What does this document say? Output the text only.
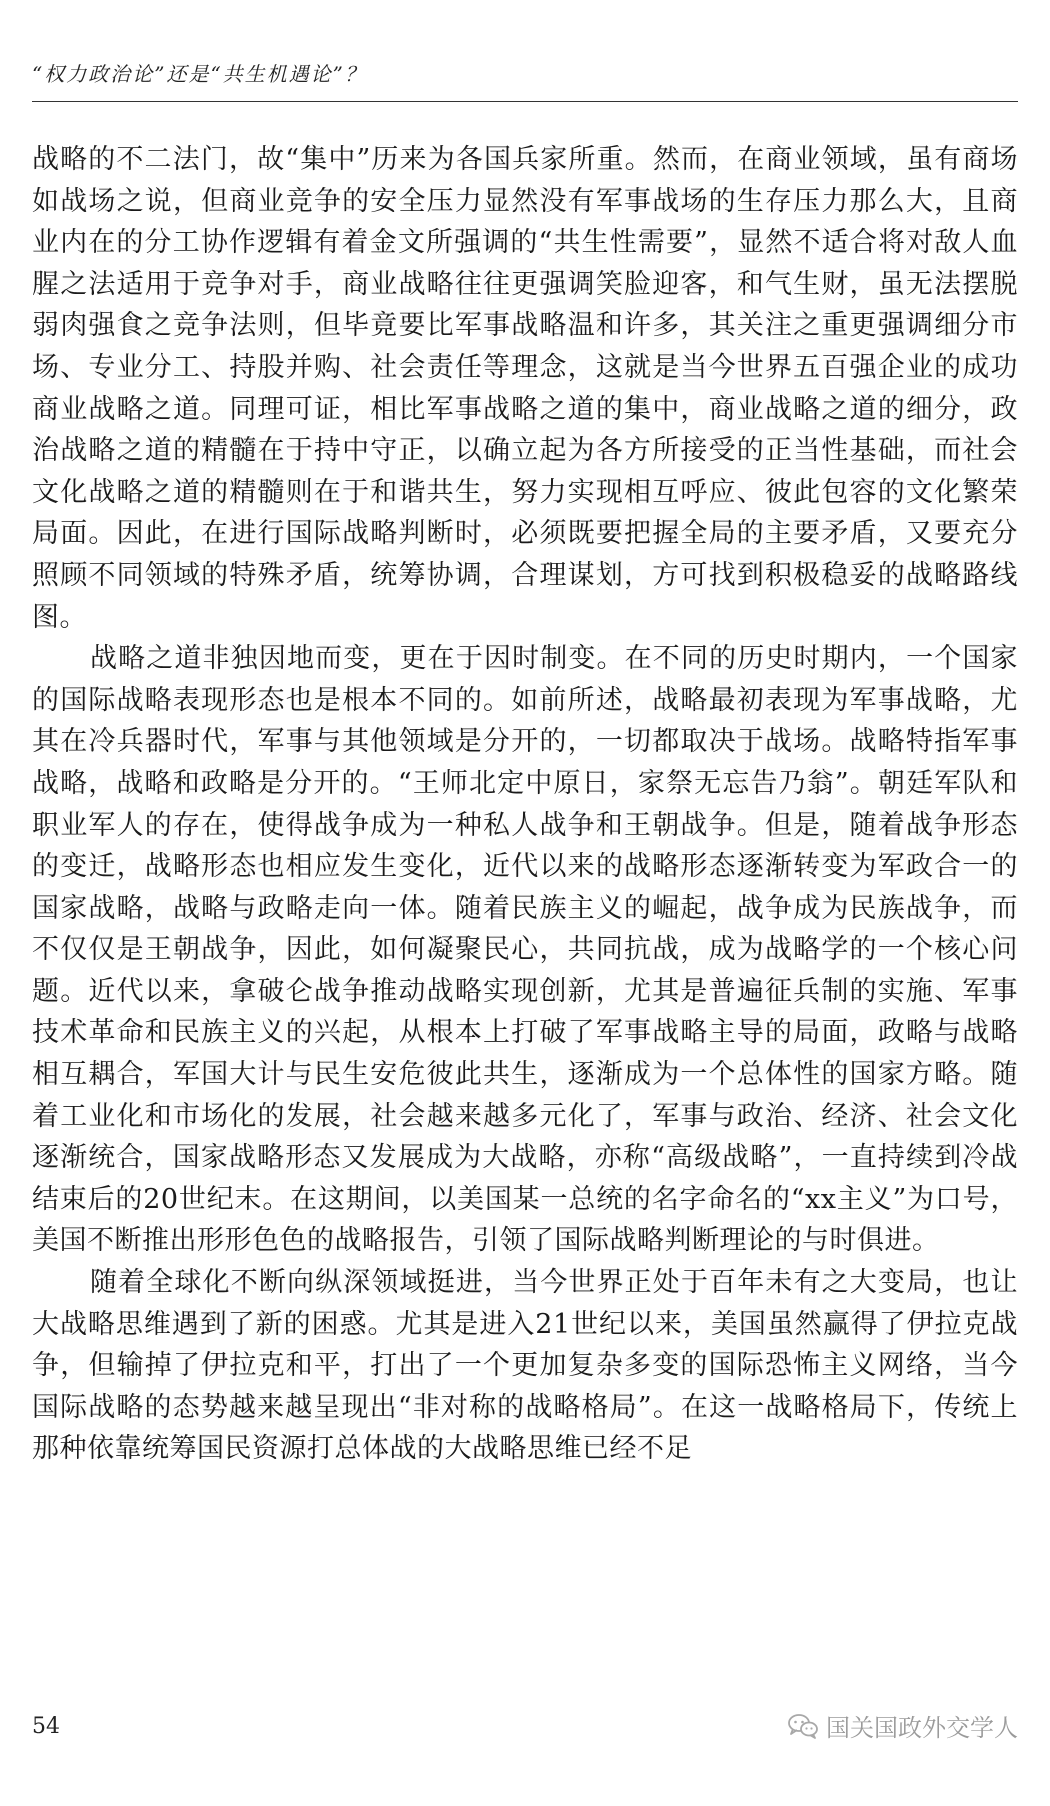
“权力政治论”还是“共生机遇论”？

战略的不二法门，故“集中”历来为各国兵家所重。然而，在商业领域，虽有商场如战场之说，但商业竞争的安全压力显然没有军事战场的生存压力那么大，且商业内在的分工协作逻辑有着金文所强调的“共生性需要”，显然不适合将对敌人血腥之法适用于竞争对手，商业战略往往更强调笑脸迎客，和气生财，虽无法摆脱弱肉强食之竞争法则，但毕竟要比军事战略温和许多，其关注之重更强调细分市场、专业分工、持股并购、社会责任等理念，这就是当今世界五百强企业的成功商业战略之道。同理可证，相比军事战略之道的集中，商业战略之道的细分，政治战略之道的精髓在于持中守正，以确立起为各方所接受的正当性基础，而社会文化战略之道的精髓则在于和谐共生，努力实现相互呼应、彼此包容的文化繁荣局面。因此，在进行国际战略判断时，必须既要把握全局的主要矛盾，又要充分照顾不同领域的特殊矛盾，统筹协调，合理谋划，方可找到积极稳妥的战略路线图。

战略之道非独因地而变，更在于因时制变。在不同的历史时期内，一个国家的国际战略表现形态也是根本不同的。如前所述，战略最初表现为军事战略，尤其在冷兵器时代，军事与其他领域是分开的，一切都取决于战场。战略特指军事战略，战略和政略是分开的。“王师北定中原日，家祭无忘告乃翁”。朝廷军队和职业军人的存在，使得战争成为一种私人战争和王朝战争。但是，随着战争形态的变迁，战略形态也相应发生变化，近代以来的战略形态逐渐转变为军政合一的国家战略，战略与政略走向一体。随着民族主义的崛起，战争成为民族战争，而不仅仅是王朝战争，因此，如何凝聚民心，共同抗战，成为战略学的一个核心问题。近代以来，拿破仑战争推动战略实现创新，尤其是普遍征兵制的实施、军事技术革命和民族主义的兴起，从根本上打破了军事战略主导的局面，政略与战略相互耦合，军国大计与民生安危彼此共生，逐渐成为一个总体性的国家方略。随着工业化和市场化的发展，社会越来越多元化了，军事与政治、经济、社会文化逐渐统合，国家战略形态又发展成为大战略，亦称“高级战略”，一直持续到冷战结束后的20世纪末。在这期间，以美国某一总统的名字命名的“xx主义”为口号，美国不断推出形形色色的战略报告，引领了国际战略判断理论的与时俱进。

随着全球化不断向纵深领域挺进，当今世界正处于百年未有之大变局，也让大战略思维遇到了新的困惑。尤其是进入21世纪以来，美国虽然赢得了伊拉克战争，但输掉了伊拉克和平，打出了一个更加复杂多变的国际恐怖主义网络，当今国际战略的态势越来越呈现出“非对称的战略格局”。在这一战略格局下，传统上那种依靠统筹国民资源打总体战的大战略思维已经不足

54	国关国政外交学人
